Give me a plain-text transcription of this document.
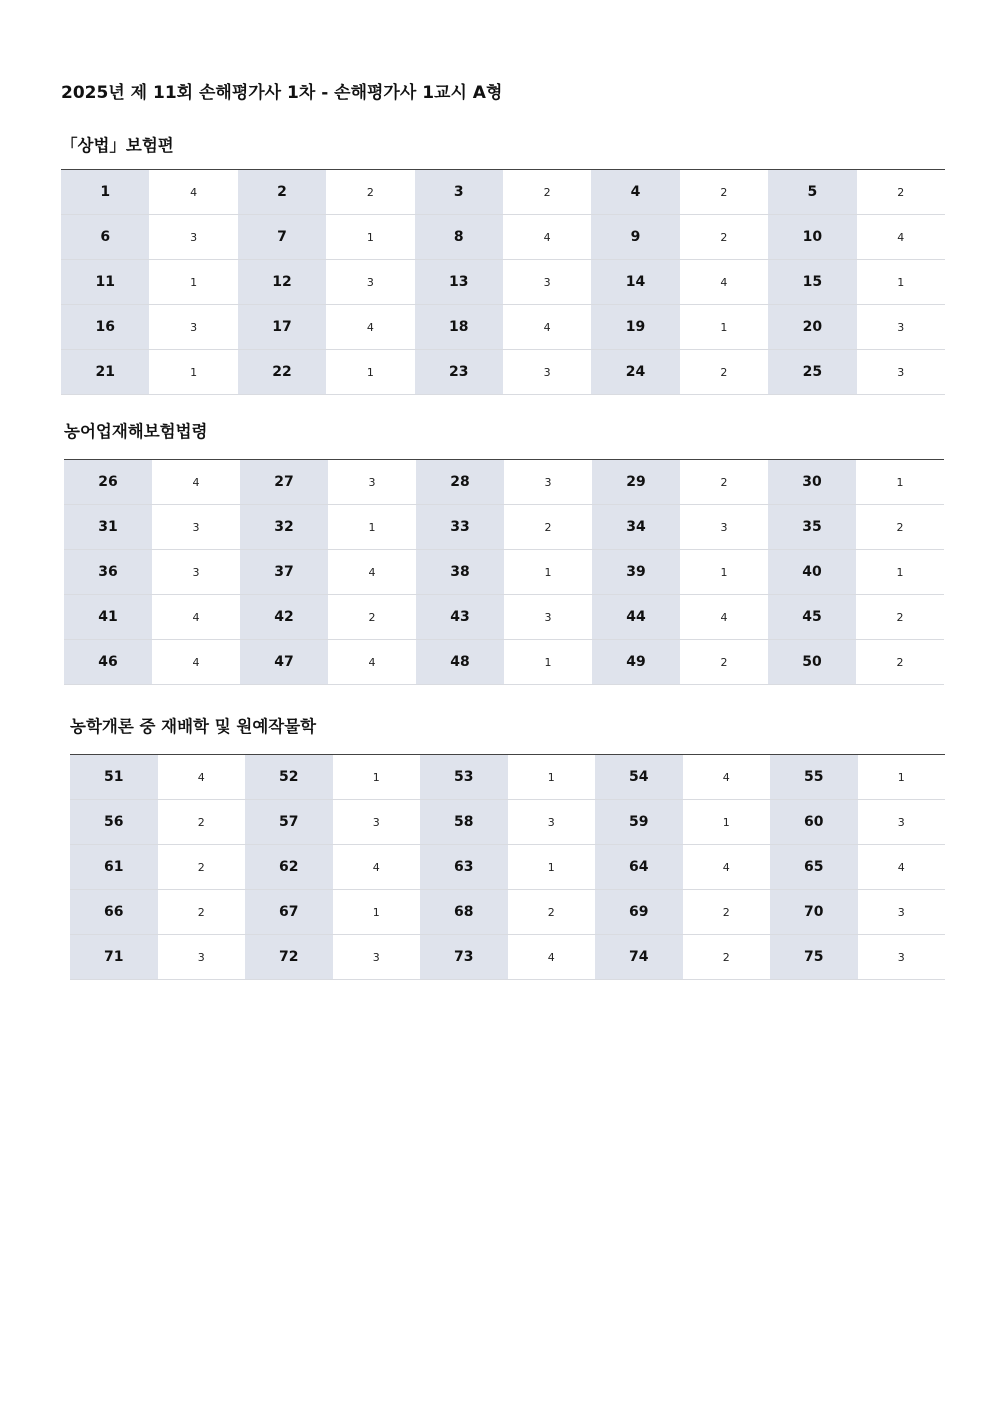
2025년 제 11회 손해평가사 1차 - 손해평가사 1교시 A형
「상법」보험편
1	4	2	2	3	2	4	2	5	2
6	3	7	1	8	4	9	2	10	4
11	1	12	3	13	3	14	4	15	1
16	3	17	4	18	4	19	1	20	3
21	1	22	1	23	3	24	2	25	3
농어업재해보험법령
26	4	27	3	28	3	29	2	30	1
31	3	32	1	33	2	34	3	35	2
36	3	37	4	38	1	39	1	40	1
41	4	42	2	43	3	44	4	45	2
46	4	47	4	48	1	49	2	50	2
농학개론 중 재배학 및 원예작물학
51	4	52	1	53	1	54	4	55	1
56	2	57	3	58	3	59	1	60	3
61	2	62	4	63	1	64	4	65	4
66	2	67	1	68	2	69	2	70	3
71	3	72	3	73	4	74	2	75	3
